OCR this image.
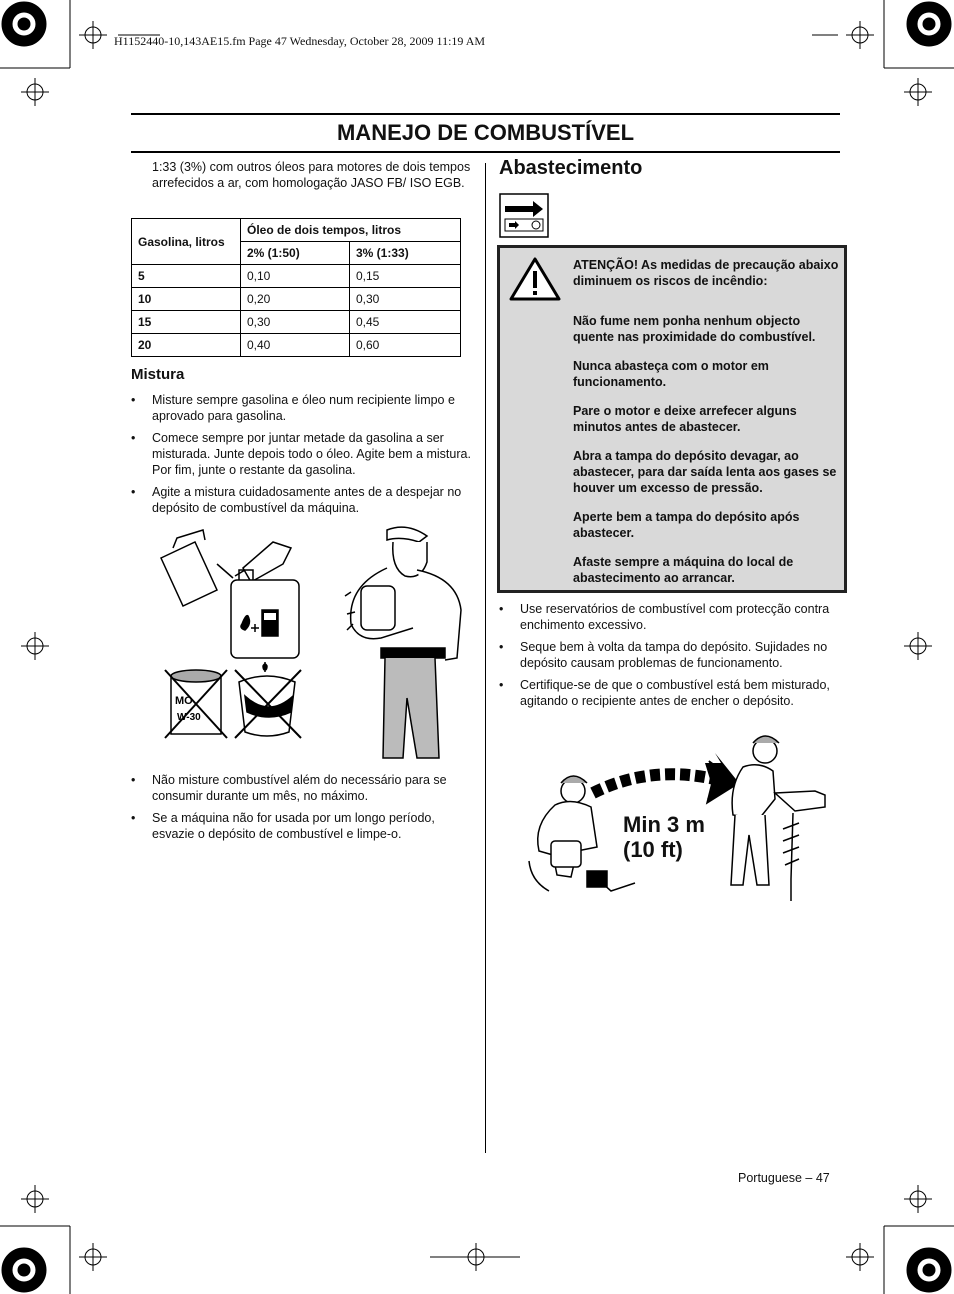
H1152440-10,143AE15.fm Page 47 Wednesday, October 28, 2009 11:19 AM
MANEJO DE COMBUSTÍVEL
1:33 (3%) com outros óleos para motores de dois tempos arrefecidos a ar, com homologação JASO FB/ ISO EGB.
Gasolina, litros	Óleo de dois tempos, litros	
	2% (1:50)	3% (1:33)
5	0,10	0,15
10	0,20	0,30
15	0,30	0,45
20	0,40	0,60
Mistura
• Misture sempre gasolina e óleo num recipiente limpo e aprovado para gasolina.
• Comece sempre por juntar metade da gasolina a ser misturada. Junte depois todo o óleo. Agite bem a mistura. Por fim, junte o restante da gasolina.
• Agite a mistura cuidadosamente antes de a despejar no depósito de combustível da máquina.
MO
W-30
• Não misture combustível além do necessário para se consumir durante um mês, no máximo.
• Se a máquina não for usada por um longo período, esvazie o depósito de combustível e limpe-o.
Abastecimento

ATENÇÃO! As medidas de precaução abaixo diminuem os riscos de incêndio:

Não fume nem ponha nenhum objecto quente nas proximidade do combustível.

Nunca abasteça com o motor em funcionamento.

Pare o motor e deixe arrefecer alguns minutos antes de abastecer.

Abra a tampa do depósito devagar, ao abastecer, para dar saída lenta aos gases se houver um excesso de pressão.

Aperte bem a tampa do depósito após abastecer.

Afaste sempre a máquina do local de abastecimento ao arrancar.

• Use reservatórios de combustível com protecção contra enchimento excessivo.
• Seque bem à volta da tampa do depósito. Sujidades no depósito causam problemas de funcionamento.
• Certifique-se de que o combustível está bem misturado, agitando o recipiente antes de encher o depósito.
Min 3 m
(10 ft)
Portuguese – 47
